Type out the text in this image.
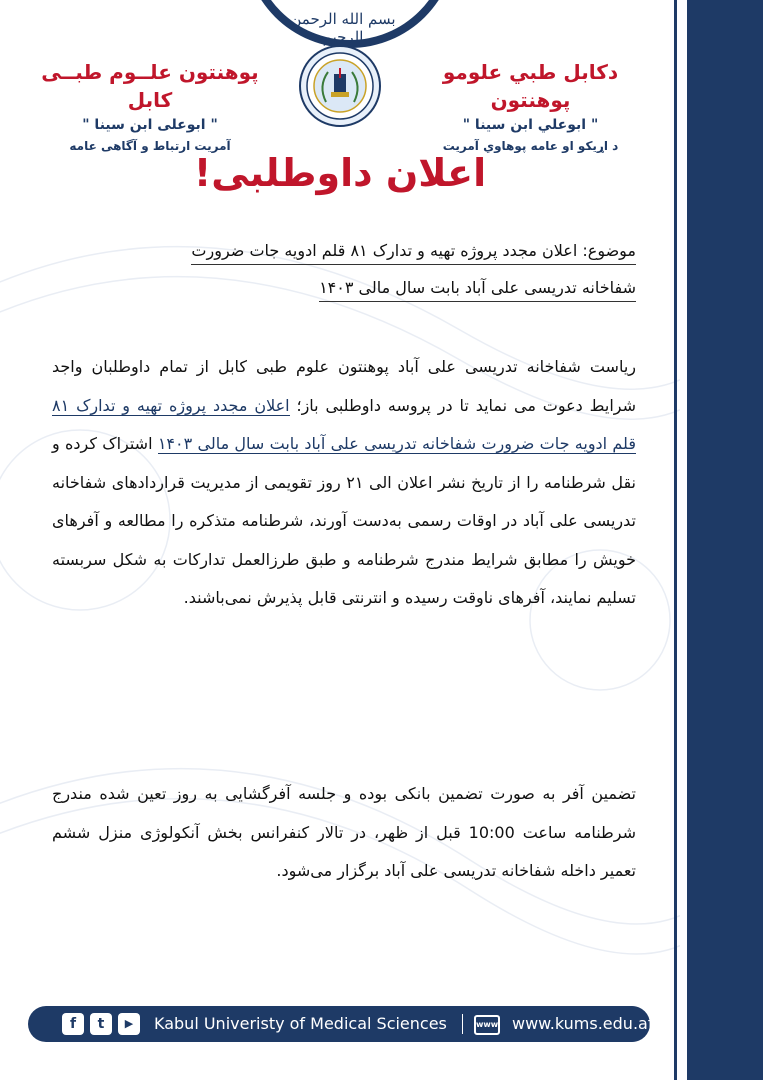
بسم الله الرحمن الرحیم
دکابل طبي علومو پوهنتون
" ابوعلي ابن سينا "
د اړیکو او عامه پوهاوي آمریت
پوهنتون علــوم طبــی کابل
" ابوعلی ابن سینا "
آمریت ارتباط و آگاهی عامه
اعلان داوطلبی!
موضوع: اعلان مجدد پروژه تهیه و تدارک ۸۱ قلم ادویه جات ضرورت
شفاخانه تدریسی علی آباد بابت سال مالی ۱۴۰۳
ریاست شفاخانه تدریسی علی آباد پوهنتون علوم طبی کابل از تمام داوطلبان واجد شرایط دعوت می نماید تا در پروسه داوطلبی باز؛ اعلان مجدد پروژه تهیه و تدارک ۸۱ قلم ادویه جات ضرورت شفاخانه تدریسی علی آباد بابت سال مالی ۱۴۰۳ اشتراک کرده و نقل شرطنامه را از تاریخ نشر اعلان الی ۲۱ روز تقویمی از مدیریت قراردادهای شفاخانه تدریسی علی آباد در اوقات رسمی به‌دست آورند، شرطنامه متذکره را مطالعه و آفرهای خویش را مطابق شرایط مندرج شرطنامه و طبق طرزالعمل تدارکات به شکل سربسته تسلیم نمایند، آفرهای ناوقت رسیده و انترنتی قابل پذیرش نمی‌باشند.
تضمین آفر به صورت تضمین بانکی بوده و جلسه آفرگشایی به روز تعین شده مندرج شرطنامه ساعت 10:00 قبل از ظهر، در تالار کنفرانس بخش آنکولوژی منزل ششم تعمیر داخله شفاخانه تدریسی علی آباد برگزار می‌شود.
f	t	▶	Kabul Univeristy of Medical Sciences	www www.kums.edu.af
